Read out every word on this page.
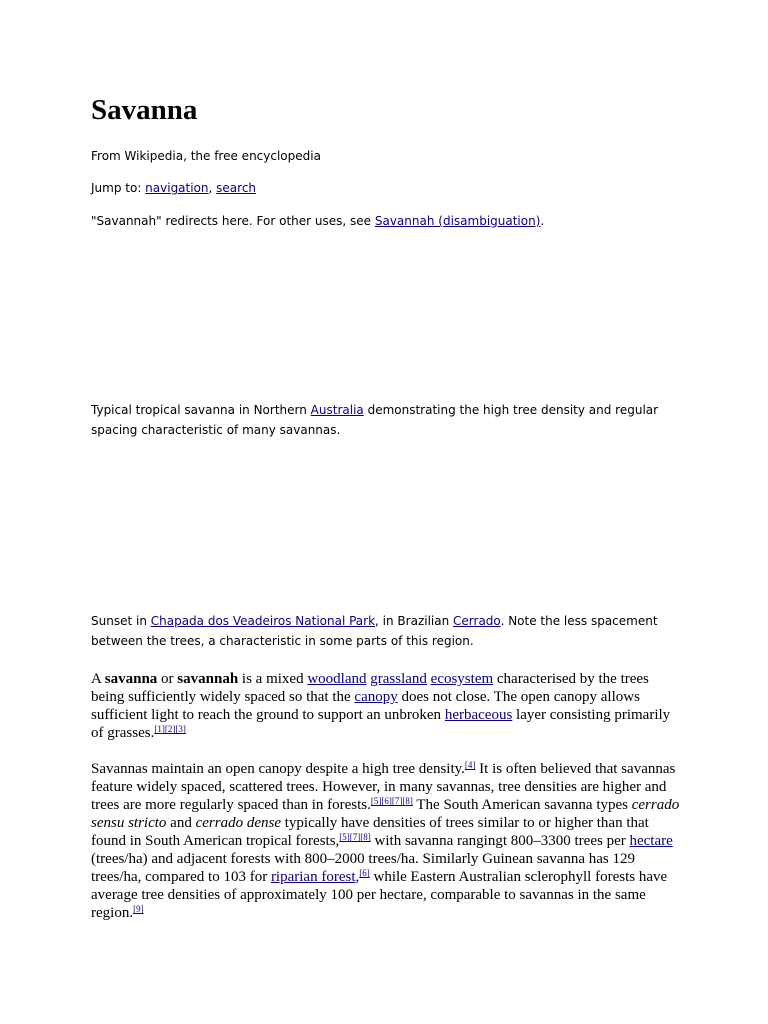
Savanna

From Wikipedia, the free encyclopedia

Jump to: navigation, search

"Savannah" redirects here. For other uses, see Savannah (disambiguation).

Typical tropical savanna in Northern Australia demonstrating the high tree density and regular spacing characteristic of many savannas.

Sunset in Chapada dos Veadeiros National Park, in Brazilian Cerrado. Note the less spacement between the trees, a characteristic in some parts of this region.

A savanna or savannah is a mixed woodland grassland ecosystem characterised by the trees being sufficiently widely spaced so that the canopy does not close. The open canopy allows sufficient light to reach the ground to support an unbroken herbaceous layer consisting primarily of grasses.[1][2][3]

Savannas maintain an open canopy despite a high tree density.[4] It is often believed that savannas feature widely spaced, scattered trees. However, in many savannas, tree densities are higher and trees are more regularly spaced than in forests.[5][6][7][8] The South American savanna types cerrado sensu stricto and cerrado dense typically have densities of trees similar to or higher than that found in South American tropical forests,[5][7][8] with savanna rangingt 800–3300 trees per hectare (trees/ha) and adjacent forests with 800–2000 trees/ha. Similarly Guinean savanna has 129 trees/ha, compared to 103 for riparian forest,[6] while Eastern Australian sclerophyll forests have average tree densities of approximately 100 per hectare, comparable to savannas in the same region.[9]
